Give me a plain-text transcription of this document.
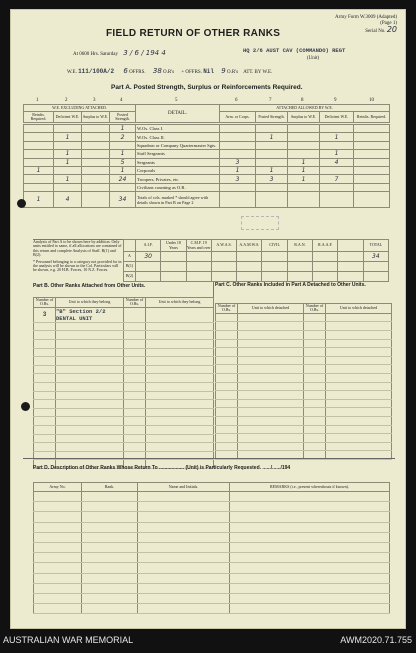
Army Form W.3009 (Adapted)
(Page 1)
Serial No. 20
FIELD RETURN OF OTHER RANKS
At 0600 Hrs. Saturday 3 / 6 / 194 4	HQ 2/6 AUST CAV (COMMANDO) REGT
(Unit)
W.E. 111/100A/2 6 OFFRS. 38 O.R's + OFFRS. Nil 9 O.R's ATT. BY W.E.
Part A. Posted Strength, Surplus or Reinforcements Required.
1	2	3	4	5	6	7	8	9	10
W.E. EXCLUDING ATTACHED.				DETAIL.	ATTACHED ALLOWED BY W.E.				
Reinfts. Required.	Deficient W.E.	Surplus to W.E.	Posted Strength.		Arm. or Corps.	Posted Strength.	Surplus to W.E.	Deficient W.E.	Reinfts. Required.
			1	W.Os. Class I.					
	1		2	W.Os. Class II.		1		1	
				Squadron or Company Quartermaster Sgts.					
	1		1	Staff Sergeants				1	
	1		5	Sergeants	3		1	4	
1			1	Corporals	1	1	1		
	1		24	Troopers, Privates, etc.	3	3	1	7	
				Civilians counting as O.R.					
1	4		34	Totals of cols. marked * should agree with details shown in Part B on Page 2					
Analysis of Part A to be shown here by addition. Only units entitled to same, if all allocations are contained of this return and complete Analysis of Staff. B(1) and B(2).
* Personnel belonging to a category not provided for in the analysis will be shown in the Col. Particulars will be shown, e.g. 20 H.B. Forces, 10 N.Z. Forces.
	A.I.F.	Under 18 Years	C.M.F. 19 Years and over	A.W.A.S.	A.A.M.W.S.	CIVIL	R.A.N.	R.A.A.F.		TOTAL
A	30									34
B(1)										
B(2)										
Part B. Other Ranks Attached from Other Units.	Part C. Other Ranks Included in Part A Detached to Other Units.
Number of O.Rs.	Unit to which they belong	Number of O.Rs.	Unit to which they belong
3	"B" Section 2/2 DENTAL UNIT		

Number of O.Rs.	Unit to which detached	Number of O.Rs.	Unit to which detached

Part D. Description of Other Ranks Whose Return To .................. (Unit) is Particularly Requested. ....../....../194
Army No.	Rank.	Name and Initials.	REMARKS (i.e., present whereabouts if known).

AUSTRALIAN WAR MEMORIAL	AWM2020.71.755
